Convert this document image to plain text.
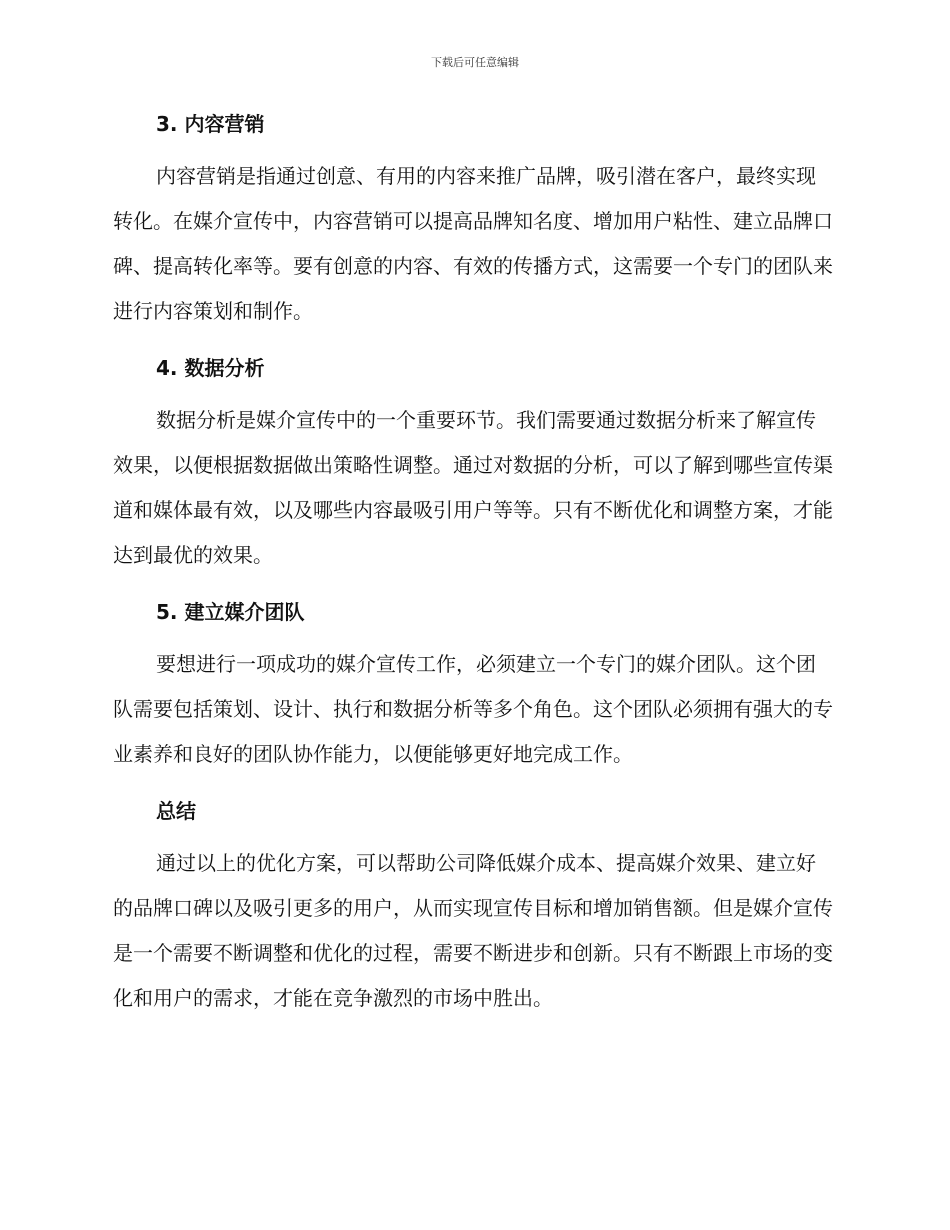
下载后可任意编辑
3. 内容营销

内容营销是指通过创意、有用的内容来推广品牌，吸引潜在客户，最终实现转化。在媒介宣传中，内容营销可以提高品牌知名度、增加用户粘性、建立品牌口碑、提高转化率等。要有创意的内容、有效的传播方式，这需要一个专门的团队来进行内容策划和制作。

4. 数据分析

数据分析是媒介宣传中的一个重要环节。我们需要通过数据分析来了解宣传效果，以便根据数据做出策略性调整。通过对数据的分析，可以了解到哪些宣传渠道和媒体最有效，以及哪些内容最吸引用户等等。只有不断优化和调整方案，才能达到最优的效果。

5. 建立媒介团队

要想进行一项成功的媒介宣传工作，必须建立一个专门的媒介团队。这个团队需要包括策划、设计、执行和数据分析等多个角色。这个团队必须拥有强大的专业素养和良好的团队协作能力，以便能够更好地完成工作。

总结

通过以上的优化方案，可以帮助公司降低媒介成本、提高媒介效果、建立好的品牌口碑以及吸引更多的用户，从而实现宣传目标和增加销售额。但是媒介宣传是一个需要不断调整和优化的过程，需要不断进步和创新。只有不断跟上市场的变化和用户的需求，才能在竞争激烈的市场中胜出。
